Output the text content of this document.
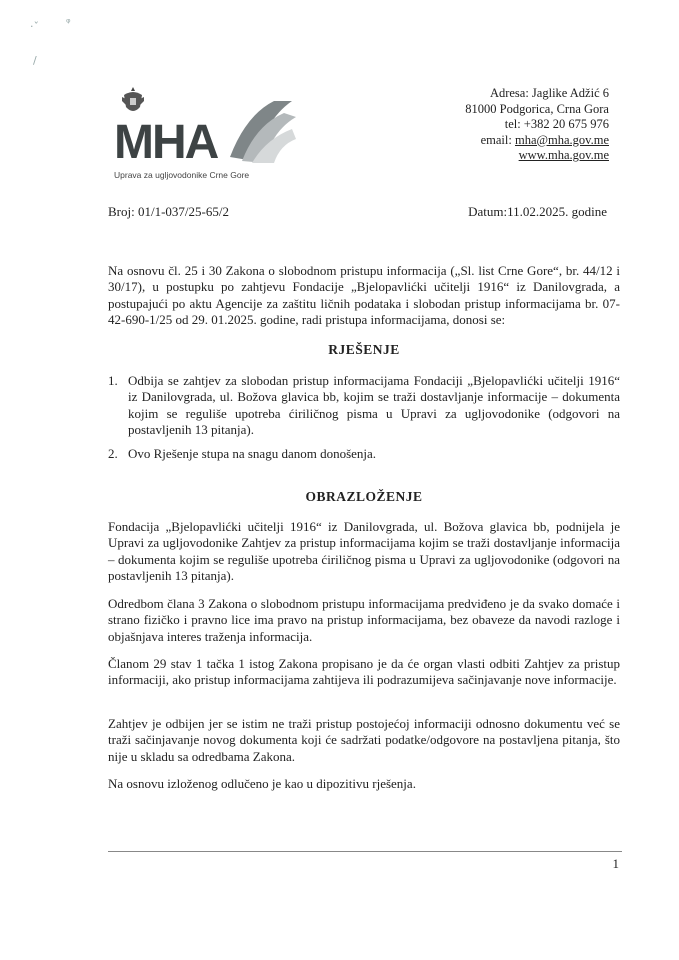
·ˇ ᵠ
/
MHA
Uprava za ugljovodonike Crne Gore
Adresa: Jaglike Adžić 6
81000 Podgorica, Crna Gora
tel: +382 20 675 976
email: mha@mha.gov.me
www.mha.gov.me
Broj: 01/1-037/25-65/2	Datum:11.02.2025. godine
Na osnovu čl. 25 i 30 Zakona o slobodnom pristupu informacija („Sl. list Crne Gore“, br. 44/12 i 30/17), u postupku po zahtjevu Fondacije „Bjelopavlićki učitelji 1916“ iz Danilovgrada, a postupajući po aktu Agencije za zaštitu ličnih podataka i slobodan pristup informacijama br. 07-42-690-1/25 od 29. 01.2025. godine, radi pristupa informacijama, donosi se:
RJEŠENJE
1. Odbija se zahtjev za slobodan pristup informacijama Fondaciji „Bjelopavlićki učitelji 1916“ iz Danilovgrada, ul. Božova glavica bb, kojim se traži dostavljanje informacije – dokumenta kojim se reguliše upotreba ćiriličnog pisma u Upravi za ugljovodonike (odgovori na postavljenih 13 pitanja).
2. Ovo Rješenje stupa na snagu danom donošenja.
OBRAZLOŽENJE
Fondacija „Bjelopavlićki učitelji 1916“ iz Danilovgrada, ul. Božova glavica bb, podnijela je Upravi za ugljovodonike Zahtjev za pristup informacijama kojim se traži dostavljanje informacija – dokumenta kojim se reguliše upotreba ćiriličnog pisma u Upravi za ugljovodonike (odgovori na postavljenih 13 pitanja).
Odredbom člana 3 Zakona o slobodnom pristupu informacijama predviđeno je da svako domaće i strano fizičko i pravno lice ima pravo na pristup informacijama, bez obaveze da navodi razloge i objašnjava interes traženja informacija.
Članom 29 stav 1 tačka 1 istog Zakona propisano je da će organ vlasti odbiti Zahtjev za pristup informaciji, ako pristup informacijama zahtijeva ili podrazumijeva sačinjavanje nove informacije.
Zahtjev je odbijen jer se istim ne traži pristup postojećoj informaciji odnosno dokumentu već se traži sačinjavanje novog dokumenta koji će sadržati podatke/odgovore na postavljena pitanja, što nije u skladu sa odredbama Zakona.
Na osnovu izloženog odlučeno je kao u dipozitivu rješenja.
1
